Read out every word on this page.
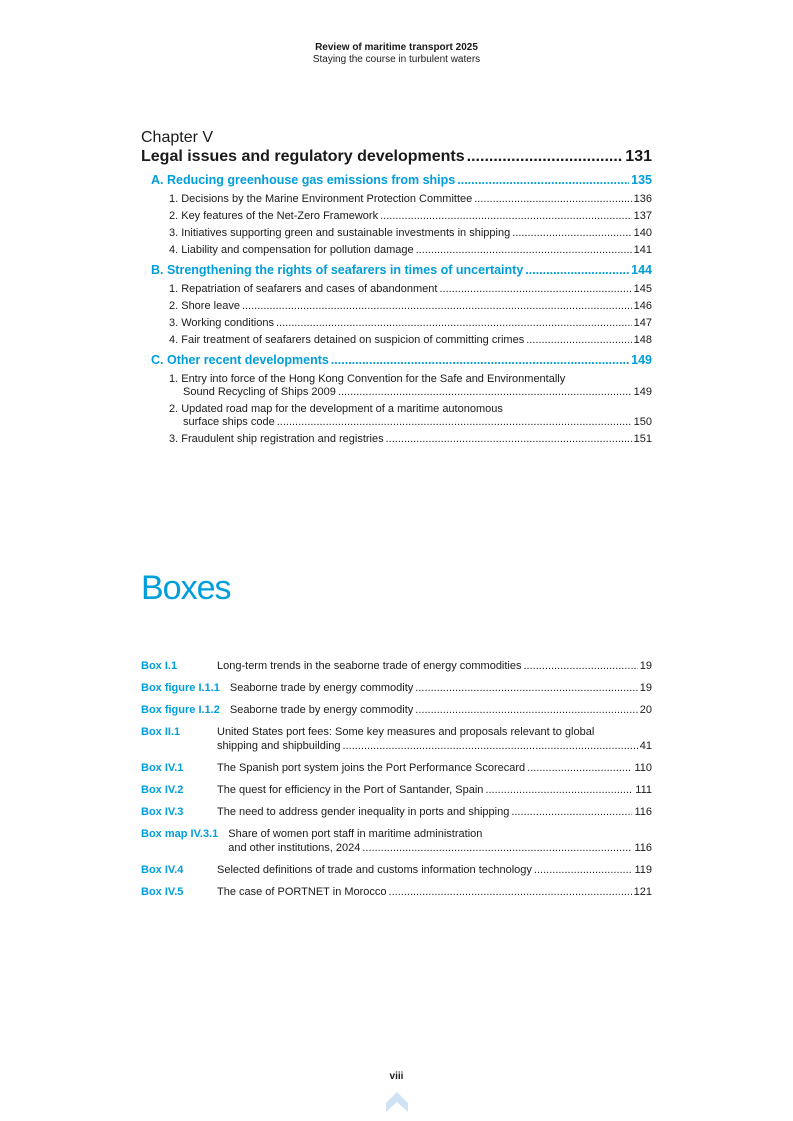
Review of maritime transport 2025
Staying the course in turbulent waters
Chapter V
Legal issues and regulatory developments .....	131
A. Reducing greenhouse gas emissions from ships .....	135
1. Decisions by the Marine Environment Protection Committee .....	136
2. Key features of the Net-Zero Framework .....	137
3. Initiatives supporting green and sustainable investments in shipping .....	140
4. Liability and compensation for pollution damage .....	141
B. Strengthening the rights of seafarers in times of uncertainty .....	144
1. Repatriation of seafarers and cases of abandonment .....	145
2. Shore leave .....	146
3. Working conditions .....	147
4. Fair treatment of seafarers detained on suspicion of committing crimes .....	148
C. Other recent developments .....	149
1. Entry into force of the Hong Kong Convention for the Safe and Environmentally
Sound Recycling of Ships 2009 .....	149
2. Updated road map for the development of a maritime autonomous
surface ships code .....	150
3. Fraudulent ship registration and registries .....	151
Boxes
Box I.1	Long-term trends in the seaborne trade of energy commodities .....	19
Box figure I.1.1 Seaborne trade by energy commodity .....	19
Box figure I.1.2 Seaborne trade by energy commodity .....	20
Box II.1	United States port fees: Some key measures and proposals relevant to global
shipping and shipbuilding .....	41
Box IV.1	The Spanish port system joins the Port Performance Scorecard .....	110
Box IV.2	The quest for efficiency in the Port of Santander, Spain .....	111
Box IV.3	The need to address gender inequality in ports and shipping .....	116
Box map IV.3.1 Share of women port staff in maritime administration
and other institutions, 2024 .....	116
Box IV.4	Selected definitions of trade and customs information technology .....	119
Box IV.5	The case of PORTNET in Morocco .....	121
viii
